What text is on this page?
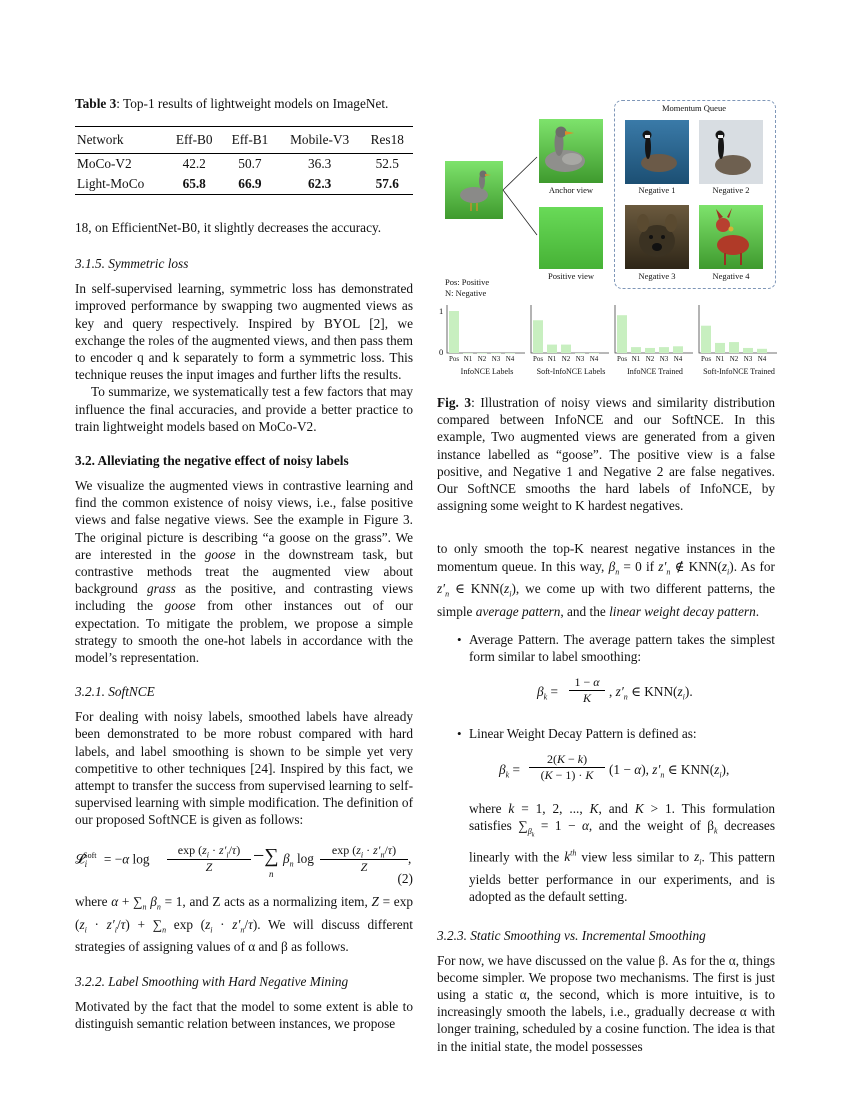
Table 3: Top-1 results of lightweight models on ImageNet.
Network	Eff-B0	Eff-B1	Mobile-V3	Res18
MoCo-V2	42.2	50.7	36.3	52.5
Light-MoCo	65.8	66.9	62.3	57.6

18, on EfficientNet-B0, it slightly decreases the accuracy.

3.1.5. Symmetric loss

In self-supervised learning, symmetric loss has demonstrated improved performance by swapping two augmented views as key and query respectively. Inspired by BYOL [2], we exchange the roles of the augmented views, and then pass them to encoder q and k separately to form a symmetric loss. This technique reuses the input images and further lifts the results.

To summarize, we systematically test a few factors that may influence the final accuracies, and provide a better practice to train lightweight models based on MoCo-V2.

3.2. Alleviating the negative effect of noisy labels

We visualize the augmented views in contrastive learning and find the common existence of noisy views, i.e., false positive views and false negative views. See the example in Figure 3. The original picture is describing “a goose on the grass”. We are interested in the goose in the downstream task, but contrastive methods treat the augmented view about background grass as the positive, and contrasting views including the goose from other instances out of our expectation. To mitigate the problem, we propose a simple strategy to smooth the one-hot labels in accordance with the model’s representation.

3.2.1. SoftNCE

For dealing with noisy labels, smoothed labels have already been demonstrated to be more robust compared with hard labels, and label smoothing is shown to be simple yet very competitive to other techniques [24]. Inspired by this fact, we attempt to transfer the success from supervised learning to self-supervised learning with simple modification. The definition of our proposed SoftNCE is given as follows:

𝓛$_i^{Soft}$ = −α log
$\exp (z_i \cdot z'_i/\tau)$
Z
−∑
n
$\beta_n$ log
$\exp (z_i \cdot z'_n/\tau)$
Z
,
(2)

where $\alpha + \sum_n$ $\beta_n = 1$, and Z acts as a normalizing item, $Z = \exp (z_i \cdot z'_i/\tau) + \sum_n$ $\exp (z_i \cdot z'_n/\tau)$. We will discuss different strategies of assigning values of α and β as follows.

3.2.2. Label Smoothing with Hard Negative Mining

Motivated by the fact that the model to some extent is able to distinguish semantic relation between instances, we propose

Momentum Queue
Anchor view
Positive view
Negative 1	Negative 2
Negative 3	Negative 4
Pos: Positive
N: Negative
1
0
Pos N1 N2 N3 N4
InfoNCE Labels
Pos N1 N2 N3 N4
Soft-InfoNCE Labels
Pos N1 N2 N3 N4
InfoNCE Trained
Pos N1 N2 N3 N4
Soft-InfoNCE Trained

Fig. 3: Illustration of noisy views and similarity distribution compared between InfoNCE and our SoftNCE. In this example, Two augmented views are generated from a given instance labelled as “goose”. The positive view is a false positive, and Negative 1 and Negative 2 are false negatives. Our SoftNCE smooths the hard labels of InfoNCE, by assigning some weight to K hardest negatives.

to only smooth the top-K nearest negative instances in the momentum queue. In this way, $\beta_n = 0$ if $z'_n$ ∉ $KNN(z_i)$. As for $z'_n$ ∈ $KNN(z_i)$, we come up with two different patterns, the simple average pattern, and the linear weight decay pattern.

• Average Pattern. The average pattern takes the simplest form similar to label smoothing:

$\beta_k$ =
1 − α
K	, $z'_n$ ∈ $KNN(z_i)$.

• Linear Weight Decay Pattern is defined as:

$\beta_k$ =
2(K − k)
(K − 1) · K	(1 − α), $z'_n$ ∈ $KNN(z_i)$,

where k = 1, 2, ..., K, and K > 1. This formulation satisfies $\sum_{\beta_k} = 1 - \alpha$, and the weight of $\beta_k$ decreases linearly with the $k^{th}$ view less similar to $z_i$. This pattern yields better performance in our experiments, and is adopted as the default setting.

3.2.3. Static Smoothing vs. Incremental Smoothing

For now, we have discussed on the value β. As for the α, things become simpler. We propose two mechanisms. The first is just using a static α, the second, which is more intuitive, is to increasingly smooth the labels, i.e., gradually decrease α with longer training, scheduled by a cosine function. The idea is that in the initial state, the model possesses
